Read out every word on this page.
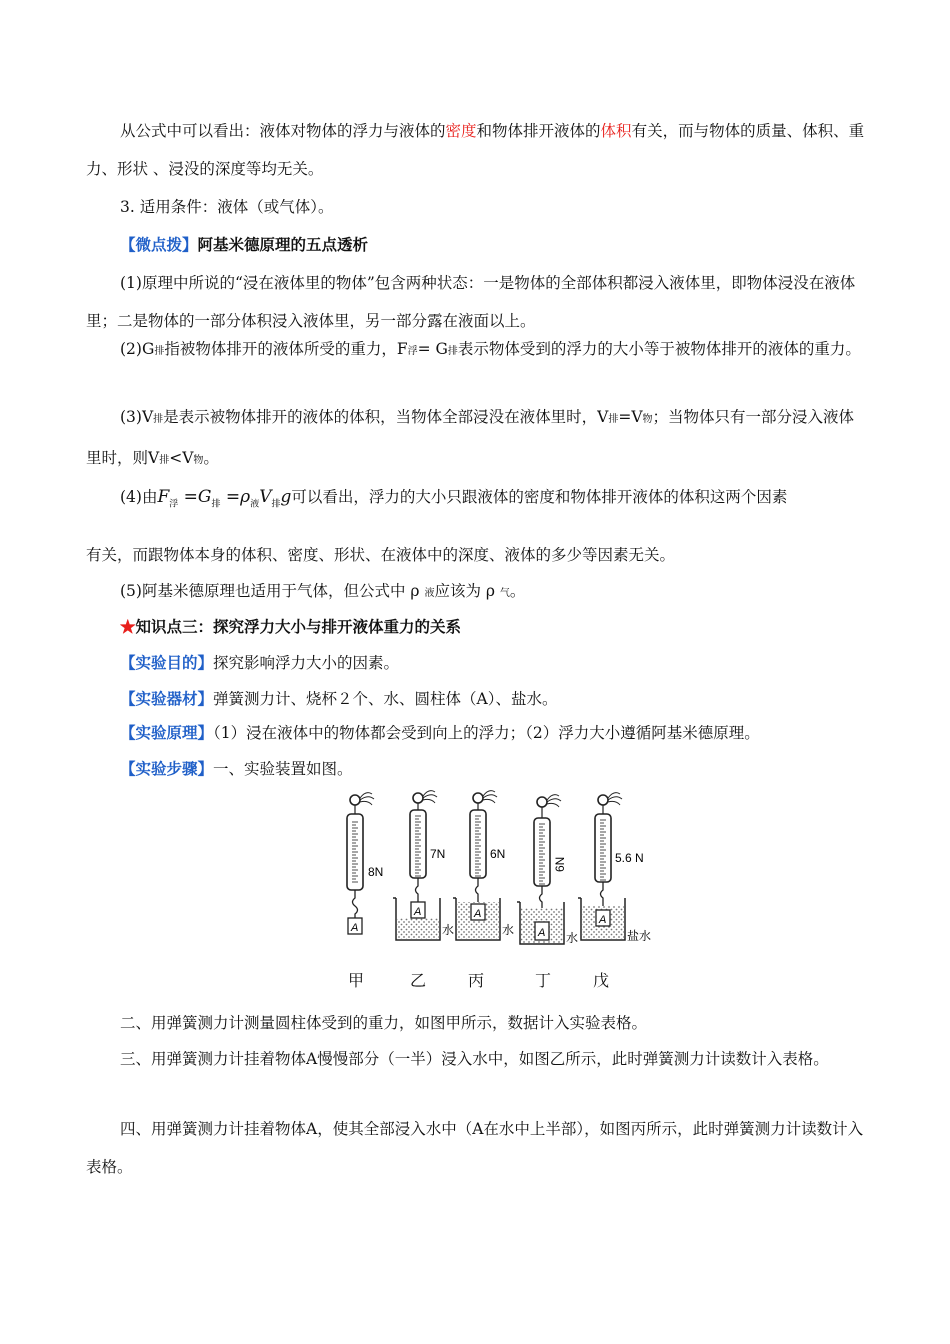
从公式中可以看出：液体对物体的浮力与液体的密度和物体排开液体的体积有关，而与物体的质量、体积、重力、形状 、浸没的深度等均无关。

3. 适用条件：液体（或气体）。

【微点拨】阿基米德原理的五点透析

(1)原理中所说的“浸在液体里的物体”包含两种状态：一是物体的全部体积都浸入液体里，即物体浸没在液体里；二是物体的一部分体积浸入液体里，另一部分露在液面以上。

(2)G排指被物体排开的液体所受的重力，F浮= G排表示物体受到的浮力的大小等于被物体排开的液体的重力。

(3)V排是表示被物体排开的液体的体积，当物体全部浸没在液体里时，V排=V物；当物体只有一部分浸入液体里时，则V排<V物。

(4)由$F_浮 =G_排 =\rho_液V_排g$可以看出，浮力的大小只跟液体的密度和物体排开液体的体积这两个因素

有关，而跟物体本身的体积、密度、形状、在液体中的深度、液体的多少等因素无关。

(5)阿基米德原理也适用于气体，但公式中 ρ 液应该为 ρ 气。

★知识点三：探究浮力大小与排开液体重力的关系

【实验目的】探究影响浮力大小的因素。

【实验器材】弹簧测力计、烧杯２个、水、圆柱体（A）、盐水。

【实验原理】（1）浸在液体中的物体都会受到向上的浮力；（2）浮力大小遵循阿基米德原理。

【实验步骤】一、实验装置如图。

8N
A
7N
A
水
6N
A
水
6N
A 水
5.6 N
A
盐水
甲	乙	丙	丁	戊

二、用弹簧测力计测量圆柱体受到的重力，如图甲所示，数据计入实验表格。

三、用弹簧测力计挂着物体A慢慢部分（一半）浸入水中，如图乙所示，此时弹簧测力计读数计入表格。

四、用弹簧测力计挂着物体A，使其全部浸入水中（A在水中上半部），如图丙所示，此时弹簧测力计读数计入表格。
